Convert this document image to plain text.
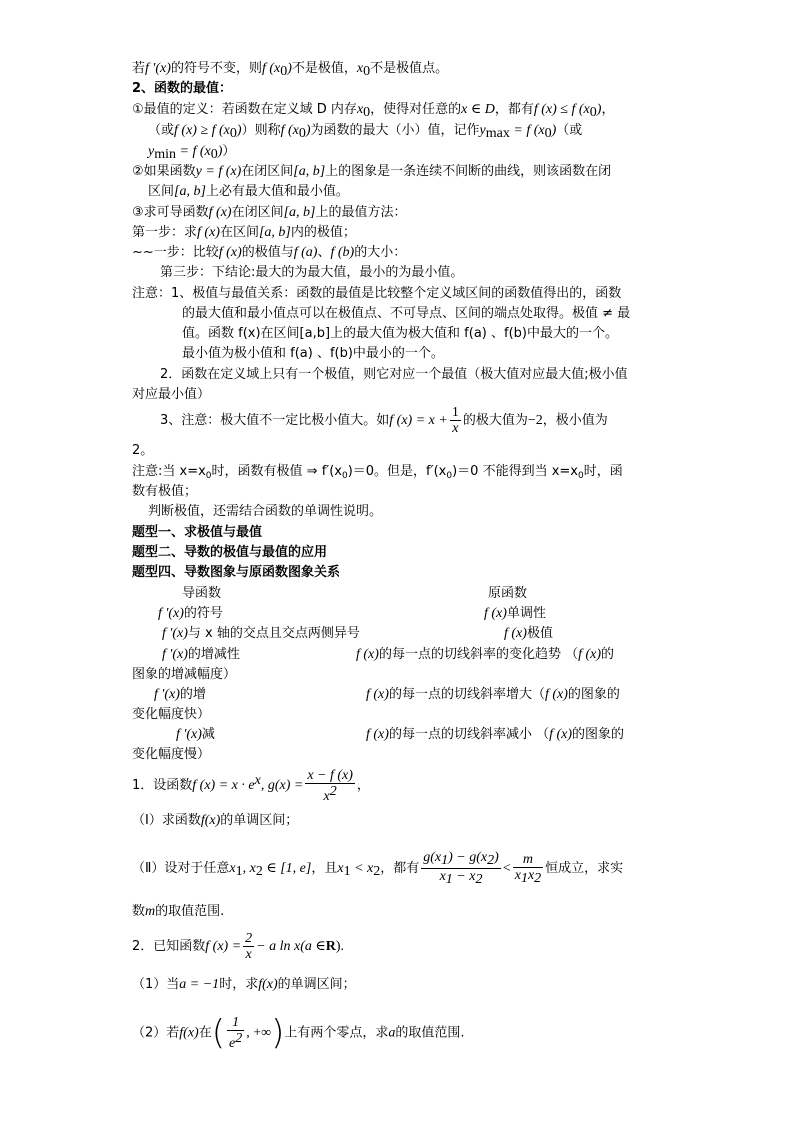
若f '(x)的符号不变，则f $(x_0)$不是极值，$x_0$不是极值点。
2、函数的最值：
①最值的定义：若函数在定义域 D 内存$x_0$，使得对任意的x ∈ D，都有f (x) ≤ f $(x_0)$，
（或f (x) ≥ f $(x_0)$）则称f $(x_0)$为函数的最大（小）值，记作$y_{max} = f$ $(x_0)$（或
$y_{min} = f$ $(x_0)$）
②如果函数y = f (x)在闭区间[a, b]上的图象是一条连续不间断的曲线，则该函数在闭
区间[a, b]上必有最大值和最小值。
③求可导函数f (x)在闭区间[a, b]上的最值方法：
第一步：求f (x)在区间[a, b]内的极值；
~~一步：比较f (x)的极值与f (a)、f (b)的大小：
第三步：下结论:最大的为最大值，最小的为最小值。
注意：1、极值与最值关系：函数的最值是比较整个定义域区间的函数值得出的，函数
的最大值和最小值点可以在极值点、不可导点、区间的端点处取得。极值 ≠ 最
值。函数 f(x)在区间[a,b]上的最大值为极大值和 f(a) 、f(b)中最大的一个。
最小值为极小值和 f(a) 、f(b)中最小的一个。
2．函数在定义域上只有一个极值，则它对应一个最值（极大值对应最大值;极小值
对应最小值）
3、注意：极大值不一定比极小值大。如f $(x) = x + \frac{1}{x}$ 的极大值为−2，极小值为
2。
注意:当 $x=x_0$时，函数有极值 ⇒ $f'(x_0)=0$。但是，$f'(x_0)=0$ 不能得到当 $x=x_0$时，函
数有极值；
判断极值，还需结合函数的单调性说明。
题型一、求极值与最值
题型二、导数的极值与最值的应用
题型四、导数图象与原函数图象关系
导函数	原函数
f '(x)的符号	f (x)单调性
f '(x)与 x 轴的交点且交点两侧异号	f (x)极值
f '(x)的增减性	f (x)的每一点的切线斜率的变化趋势 （f (x)的
图象的增减幅度）
f '(x)的增	f (x)的每一点的切线斜率增大（f (x)的图象的
变化幅度快）
f '(x)减	f (x)的每一点的切线斜率减小 （f (x)的图象的
变化幅度慢）
1．设函数f $(x) = x \cdot e^x$, $g(x) = \frac{x - f (x)}{x^2}$ ，
（I）求函数f(x)的单调区间；
（Ⅱ）设对于任意$x_1$, $x_2$ ∈ [1, e]，且$x_1 < x_2$，都有 $\frac{g(x_1) - g(x_2)}{x_1 - x_2} < \frac{m}{x_1x_2}$ 恒成立，求实
数m的取值范围.
2．已知函数f $(x) = \frac{2}{x} - a$ ln x(a ∈R).
（1）当a = −1时，求f(x)的单调区间；
（2）若f(x)在( $\frac{1}{e^2}$ , +∞)上有两个零点，求a的取值范围.
